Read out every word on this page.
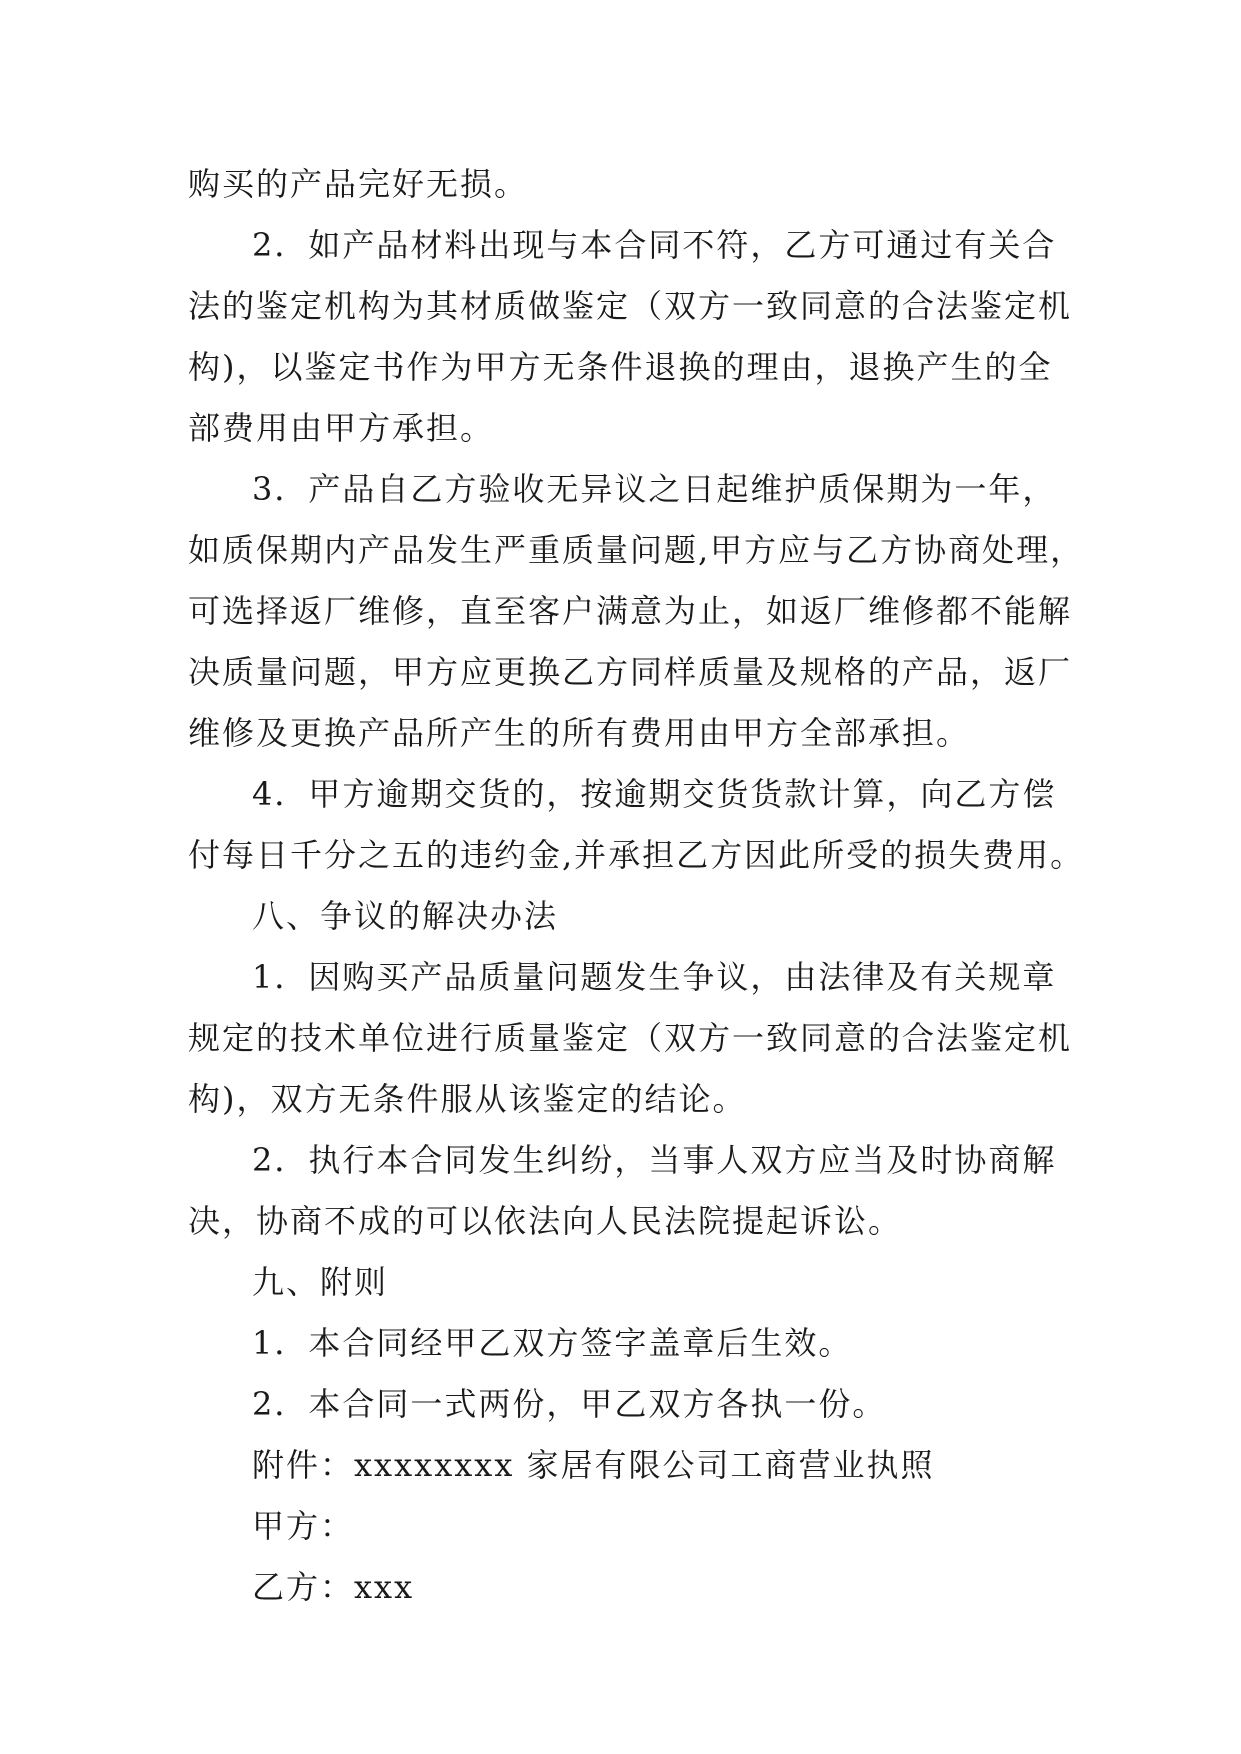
购买的产品完好无损。
2．如产品材料出现与本合同不符，乙方可通过有关合
法的鉴定机构为其材质做鉴定（双方一致同意的合法鉴定机
构)，以鉴定书作为甲方无条件退换的理由，退换产生的全
部费用由甲方承担。
3．产品自乙方验收无异议之日起维护质保期为一年，
如质保期内产品发生严重质量问题,甲方应与乙方协商处理，
可选择返厂维修，直至客户满意为止，如返厂维修都不能解
决质量问题，甲方应更换乙方同样质量及规格的产品，返厂
维修及更换产品所产生的所有费用由甲方全部承担。
4．甲方逾期交货的，按逾期交货货款计算，向乙方偿
付每日千分之五的违约金,并承担乙方因此所受的损失费用。
八、争议的解决办法
1．因购买产品质量问题发生争议，由法律及有关规章
规定的技术单位进行质量鉴定（双方一致同意的合法鉴定机
构)，双方无条件服从该鉴定的结论。
2．执行本合同发生纠纷，当事人双方应当及时协商解
决，协商不成的可以依法向人民法院提起诉讼。
九、附则
1．本合同经甲乙双方签字盖章后生效。
2．本合同一式两份，甲乙双方各执一份。
附件：xxxxxxxx 家居有限公司工商营业执照
甲方：
乙方：xxx
